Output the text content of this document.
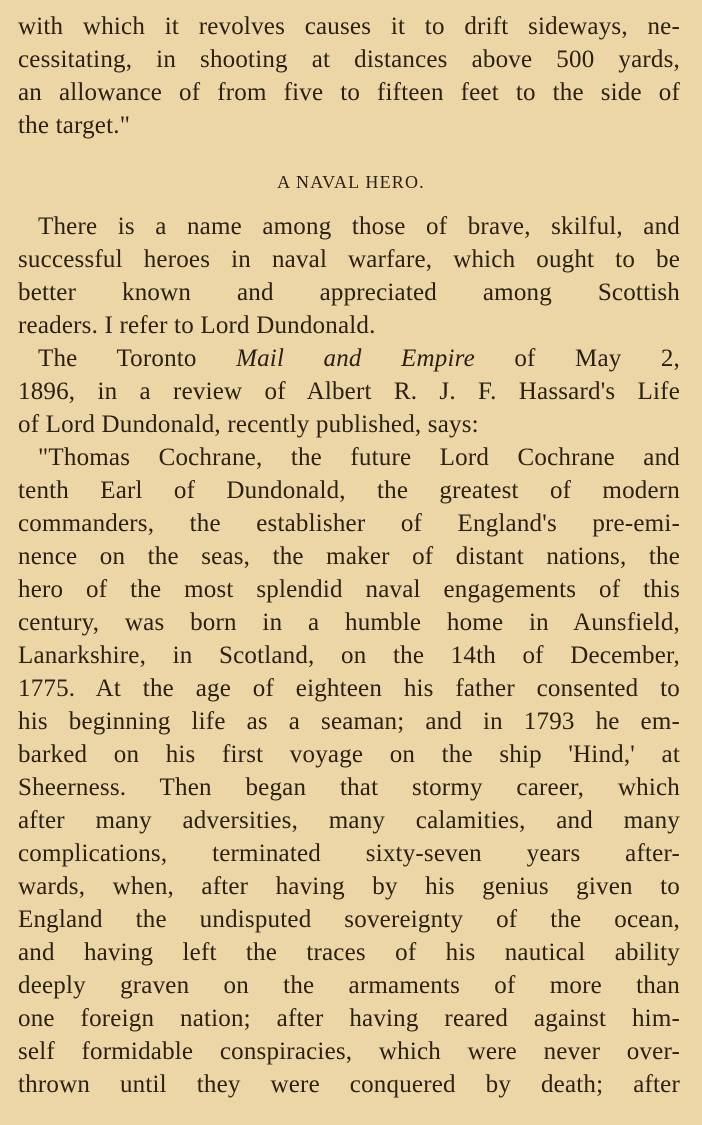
with which it revolves causes it to drift sideways, ne-

cessitating, in shooting at distances above 500 yards,

an allowance of from five to fifteen feet to the side of

the target."

A NAVAL HERO.

There is a name among those of brave, skilful, and

successful heroes in naval warfare, which ought to be

better known and appreciated among Scottish

readers. I refer to Lord Dundonald.

The Toronto Mail and Empire of May 2,

1896, in a review of Albert R. J. F. Hassard's Life

of Lord Dundonald, recently published, says:

"Thomas Cochrane, the future Lord Cochrane and

tenth Earl of Dundonald, the greatest of modern

commanders, the establisher of England's pre-emi-

nence on the seas, the maker of distant nations, the

hero of the most splendid naval engagements of this

century, was born in a humble home in Aunsfield,

Lanarkshire, in Scotland, on the 14th of December,

1775. At the age of eighteen his father consented to

his beginning life as a seaman; and in 1793 he em-

barked on his first voyage on the ship 'Hind,' at

Sheerness. Then began that stormy career, which

after many adversities, many calamities, and many

complications, terminated sixty-seven years after-

wards, when, after having by his genius given to

England the undisputed sovereignty of the ocean,

and having left the traces of his nautical ability

deeply graven on the armaments of more than

one foreign nation; after having reared against him-

self formidable conspiracies, which were never over-

thrown until they were conquered by death; after
